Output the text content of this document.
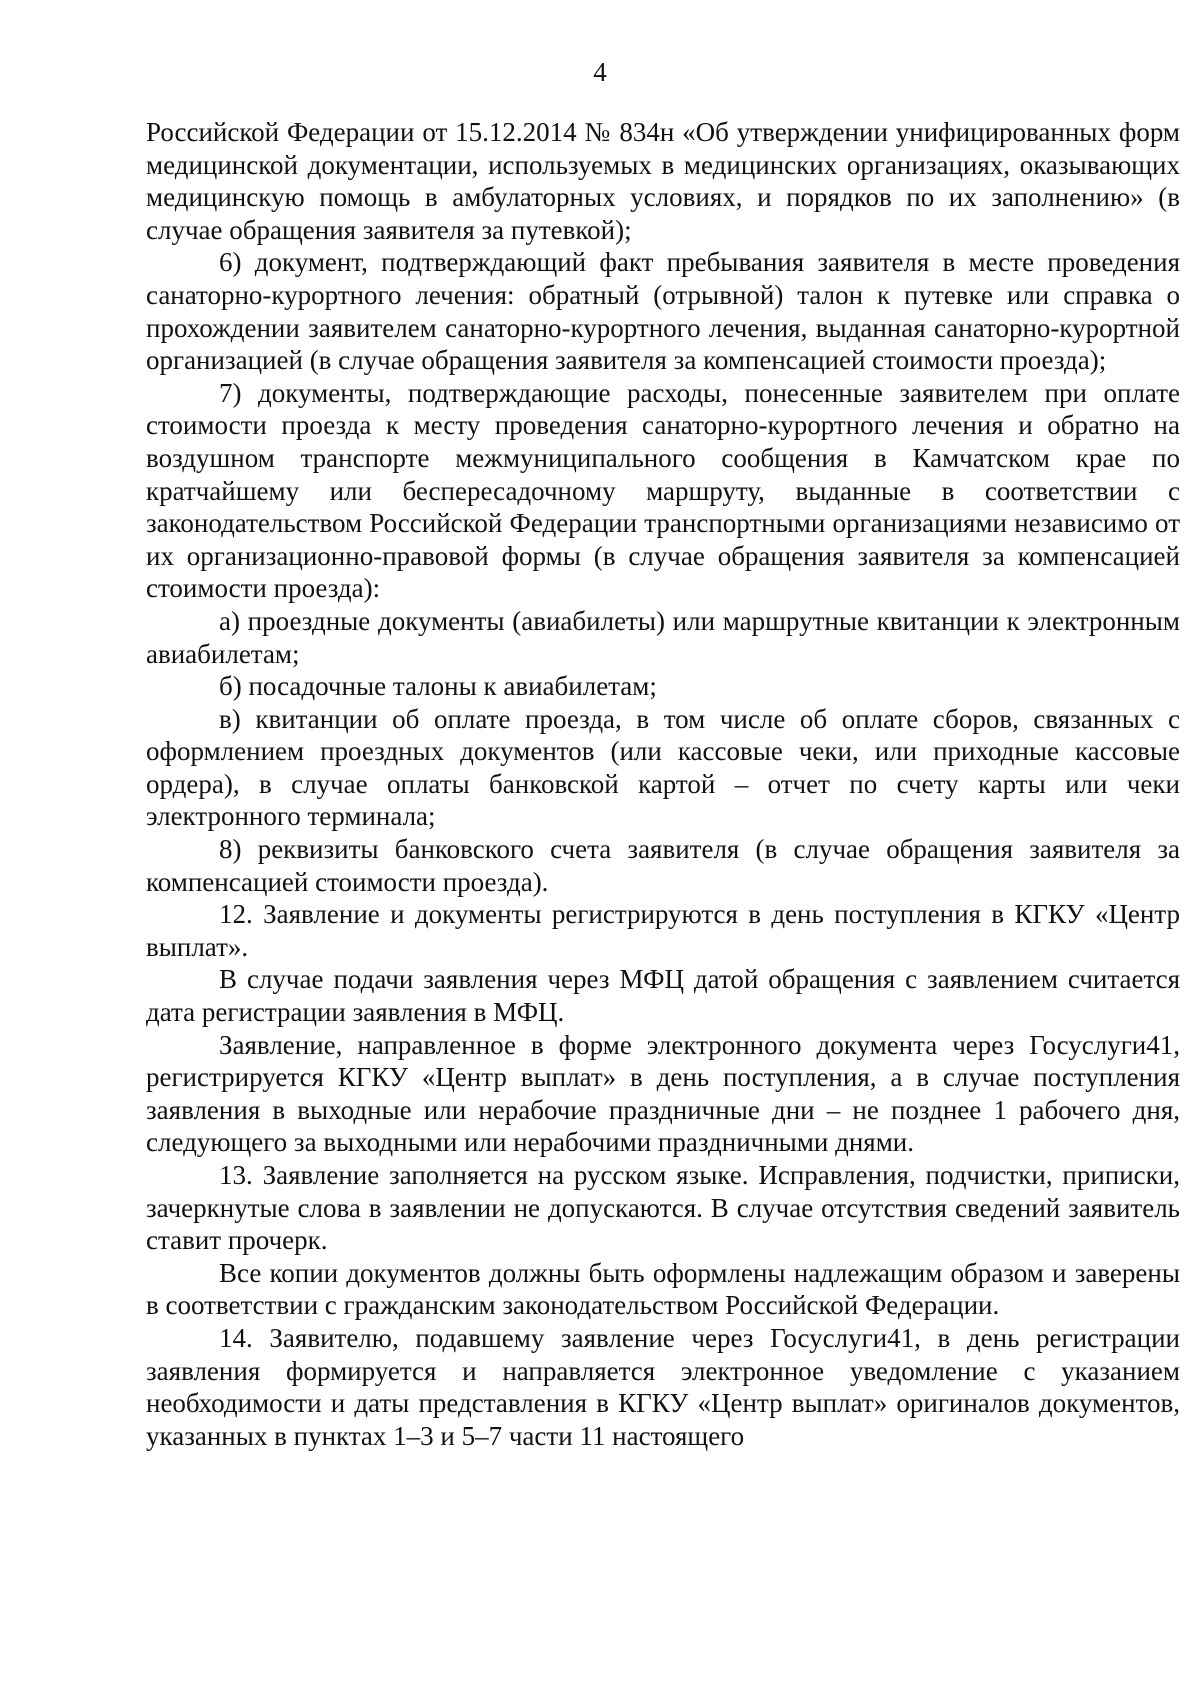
4

Российской Федерации от 15.12.2014 № 834н «Об утверждении унифицированных форм медицинской документации, используемых в медицинских организациях, оказывающих медицинскую помощь в амбулаторных условиях, и порядков по их заполнению» (в случае обращения заявителя за путевкой);

6) документ, подтверждающий факт пребывания заявителя в месте проведения санаторно-курортного лечения: обратный (отрывной) талон к путевке или справка о прохождении заявителем санаторно-курортного лечения, выданная санаторно-курортной организацией (в случае обращения заявителя за компенсацией стоимости проезда);

7) документы, подтверждающие расходы, понесенные заявителем при оплате стоимости проезда к месту проведения санаторно-курортного лечения и обратно на воздушном транспорте межмуниципального сообщения в Камчатском крае по кратчайшему или беспересадочному маршруту, выданные в соответствии с законодательством Российской Федерации транспортными организациями независимо от их организационно-правовой формы (в случае обращения заявителя за компенсацией стоимости проезда):

а) проездные документы (авиабилеты) или маршрутные квитанции к электронным авиабилетам;

б) посадочные талоны к авиабилетам;

в) квитанции об оплате проезда, в том числе об оплате сборов, связанных с оформлением проездных документов (или кассовые чеки, или приходные кассовые ордера), в случае оплаты банковской картой – отчет по счету карты или чеки электронного терминала;

8) реквизиты банковского счета заявителя (в случае обращения заявителя за компенсацией стоимости проезда).

12. Заявление и документы регистрируются в день поступления в КГКУ «Центр выплат».

В случае подачи заявления через МФЦ датой обращения с заявлением считается дата регистрации заявления в МФЦ.

Заявление, направленное в форме электронного документа через Госуслуги41, регистрируется КГКУ «Центр выплат» в день поступления, а в случае поступления заявления в выходные или нерабочие праздничные дни – не позднее 1 рабочего дня, следующего за выходными или нерабочими праздничными днями.

13. Заявление заполняется на русском языке. Исправления, подчистки, приписки, зачеркнутые слова в заявлении не допускаются. В случае отсутствия сведений заявитель ставит прочерк.

Все копии документов должны быть оформлены надлежащим образом и заверены в соответствии с гражданским законодательством Российской Федерации.

14. Заявителю, подавшему заявление через Госуслуги41, в день регистрации заявления формируется и направляется электронное уведомление с указанием необходимости и даты представления в КГКУ «Центр выплат» оригиналов документов, указанных в пунктах 1–3 и 5–7 части 11 настоящего
